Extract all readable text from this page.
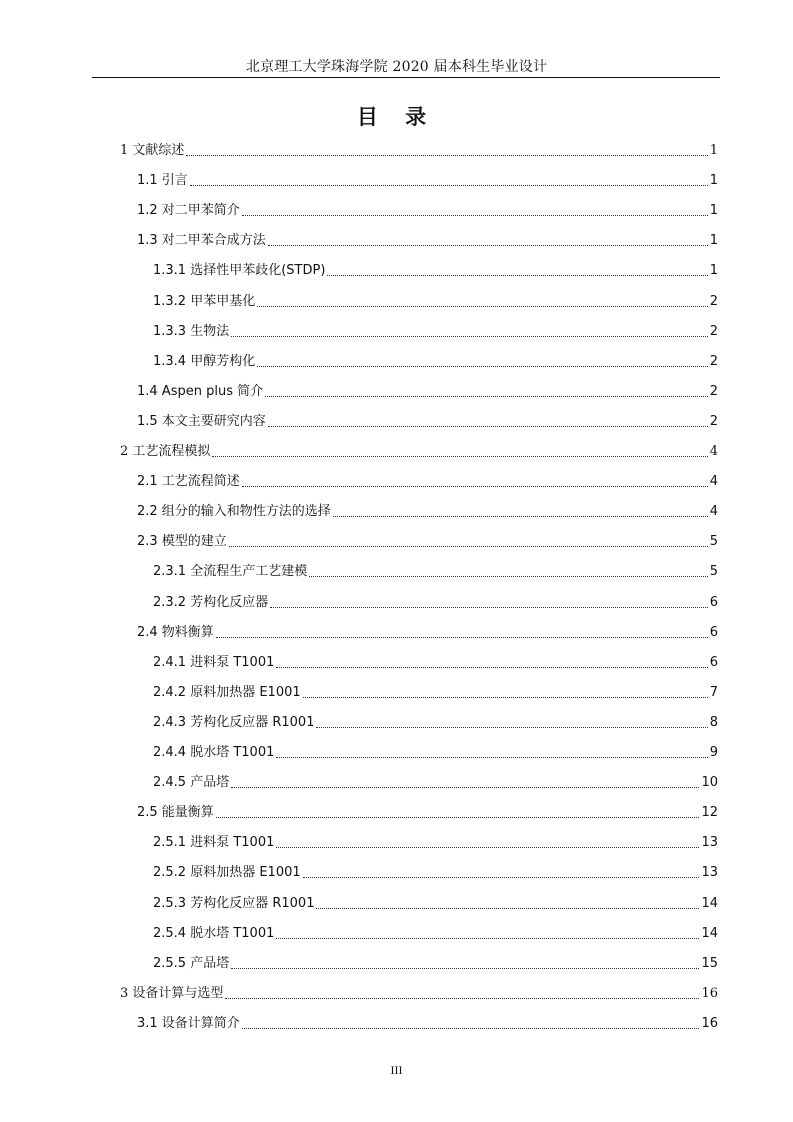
北京理工大学珠海学院 2020 届本科生毕业设计
目 录
1 文献综述	1
1.1 引言	1
1.2 对二甲苯简介	1
1.3 对二甲苯合成方法	1
1.3.1 选择性甲苯歧化(STDP)	1
1.3.2 甲苯甲基化	2
1.3.3 生物法	2
1.3.4 甲醇芳构化	2
1.4 Aspen plus 简介	2
1.5 本文主要研究内容	2
2 工艺流程模拟	4
2.1 工艺流程简述	4
2.2 组分的输入和物性方法的选择	4
2.3 模型的建立	5
2.3.1 全流程生产工艺建模	5
2.3.2 芳构化反应器	6
2.4 物料衡算	6
2.4.1 进料泵 T1001	6
2.4.2 原料加热器 E1001	7
2.4.3 芳构化反应器 R1001	8
2.4.4 脱水塔 T1001	9
2.4.5 产品塔	10
2.5 能量衡算	12
2.5.1 进料泵 T1001	13
2.5.2 原料加热器 E1001	13
2.5.3 芳构化反应器 R1001	14
2.5.4 脱水塔 T1001	14
2.5.5 产品塔	15
3 设备计算与选型	16
3.1 设备计算简介	16
III
